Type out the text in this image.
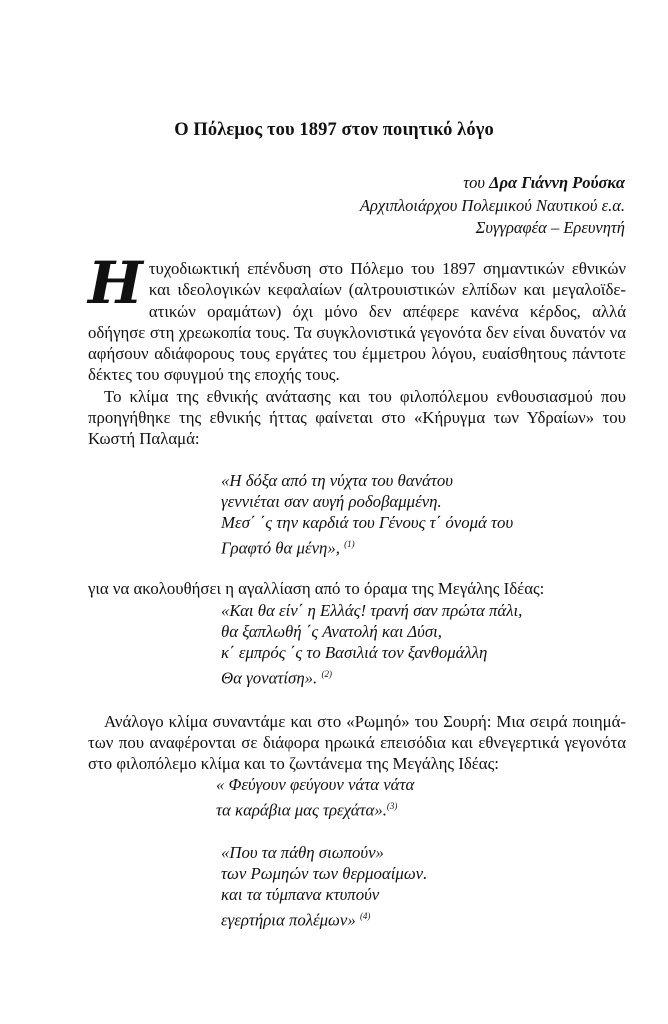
Ο Πόλεμος του 1897 στον ποιητικό λόγο
του Δρα Γιάννη Ρούσκα
Αρχιπλοιάρχου Πολεμικού Ναυτικού ε.α.
Συγγραφέα – Ερευνητή

Η τυχοδιωκτική επένδυση στο Πόλεμο του 1897 σημαντικών εθνικών και ιδεολογικών κεφαλαίων (αλτρουιστικών ελπίδων και μεγαλοϊδε- ατικών οραμάτων) όχι μόνο δεν απέφερε κανένα κέρδος, αλλά οδήγησε στη χρεωκοπία τους. Τα συγκλονιστικά γεγονότα δεν είναι δυνατόν να αφήσουν αδιάφορους τους εργάτες του έμμετρου λόγου, ευαίσθητους πάντοτε δέκτες του σφυγμού της εποχής τους.

Το κλίμα της εθνικής ανάτασης και του φιλοπόλεμου ενθουσιασμού που προηγήθηκε της εθνικής ήττας φαίνεται στο «Κήρυγμα των Υδραίων» του Κωστή Παλαμά:

«Η δόξα από τη νύχτα του θανάτου

γεννιέται σαν αυγή ροδοβαμμένη.

Μεσ΄ ΄ς την καρδιά του Γένους τ΄ όνομά του

Γραφτό θα μένη», $^{(1)}$

για να ακολουθήσει η αγαλλίαση από το όραμα της Μεγάλης Ιδέας:

«Και θα είν΄ η Ελλάς! τρανή σαν πρώτα πάλι,

θα ξαπλωθή ΄ς Ανατολή και Δύσι,

κ΄ εμπρός ΄ς το Βασιλιά τον ξανθομάλλη

Θα γονατίση». $^{(2)}$

Ανάλογο κλίμα συναντάμε και στο «Ρωμηό» του Σουρή: Μια σειρά ποιημά- των που αναφέρονται σε διάφορα ηρωικά επεισόδια και εθνεγερτικά γεγονότα στο φιλοπόλεμο κλίμα και το ζωντάνεμα της Μεγάλης Ιδέας:

« Φεύγουν φεύγουν νάτα νάτα

τα καράβια μας τρεχάτα».$^{(3)}$

«Που τα πάθη σιωπούν»

των Ρωμηών των θερμοαίμων.

και τα τύμπανα κτυπούν

εγερτήρια πολέμων» $^{(4)}$
